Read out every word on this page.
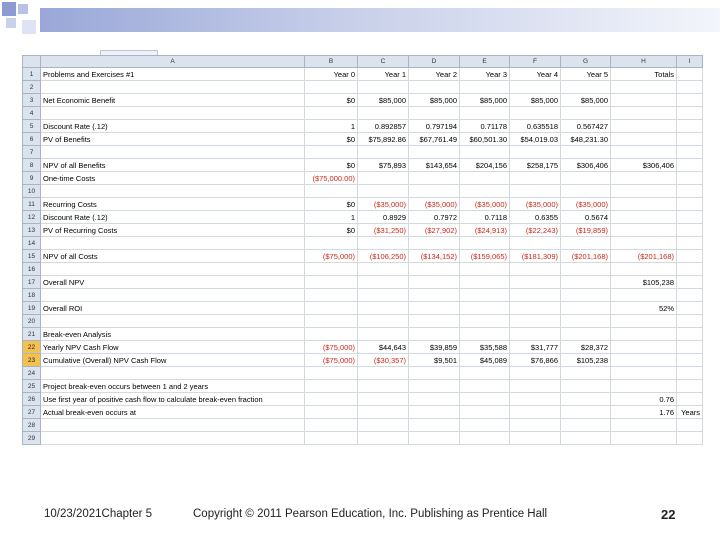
	A	B	C	D	E	F	G	H	I
1	Problems and Exercises #1	Year 0	Year 1	Year 2	Year 3	Year 4	Year 5	Totals	
2									
3	Net Economic Benefit	$0	$85,000	$85,000	$85,000	$85,000	$85,000		
4									
5	Discount Rate (.12)	1	0.892857	0.797194	0.71178	0.635518	0.567427		
6	PV of Benefits	$0	$75,892.86	$67,761.49	$60,501.30	$54,019.03	$48,231.30		
7									
8	NPV of all Benefits	$0	$75,893	$143,654	$204,156	$258,175	$306,406	$306,406	
9	One-time Costs	($75,000.00)							
10									
11	Recurring Costs	$0	($35,000)	($35,000)	($35,000)	($35,000)	($35,000)		
12	Discount Rate (.12)	1	0.8929	0.7972	0.7118	0.6355	0.5674		
13	PV of Recurring Costs	$0	($31,250)	($27,902)	($24,913)	($22,243)	($19,859)		
14									
15	NPV of all Costs	($75,000)	($106,250)	($134,152)	($159,065)	($181,309)	($201,168)	($201,168)	
16									
17	Overall NPV							$105,238	
18									
19	Overall ROI							52%	
20									
21	Break-even Analysis								
22	Yearly NPV Cash Flow	($75,000)	$44,643	$39,859	$35,588	$31,777	$28,372		
23	Cumulative (Overall) NPV Cash Flow	($75,000)	($30,357)	$9,501	$45,089	$76,866	$105,238		
24									
25	Project break-even occurs between 1 and 2 years								
26	Use first year of positive cash flow to calculate break-even fraction							0.76	
27	Actual break-even occurs at							1.76	Years
28									
29									
10/23/2021Chapter 5	Copyright © 2011 Pearson Education, Inc. Publishing as Prentice Hall	22
